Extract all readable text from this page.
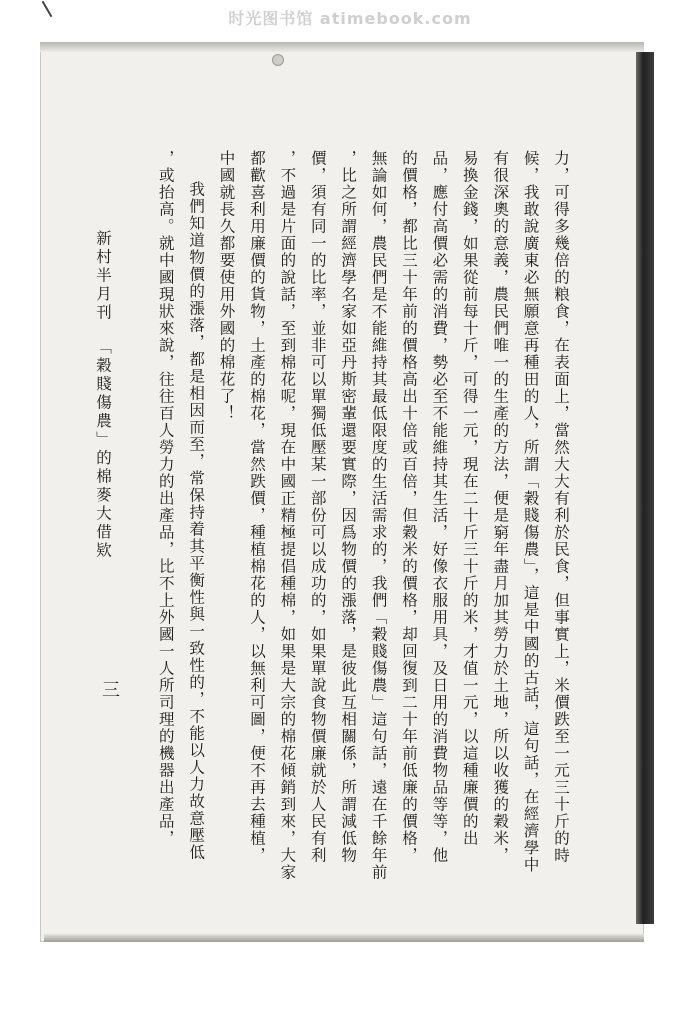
时光图书馆 atimebook.com
力，可得多幾倍的粮食，在表面上，當然大大有利於民食，但事實上，米價跌至一元三十斤的時
候，我敢說廣東必無願意再種田的人，所謂「穀賤傷農」，這是中國的古話，這句話，在經濟學中
有很深奧的意義，農民們唯一的生產的方法，便是窮年盡月加其勞力於土地，所以收獲的穀米，
易換金錢，如果從前每十斤，可得一元，現在二十斤三十斤的米，才值一元，以這種廉價的出
品，應付高價必需的消費，勢必至不能維持其生活，好像衣服用具，及日用的消費物品等等，他
的價格，都比三十年前的價格高出十倍或百倍，但穀米的價格，却回復到二十年前低廉的價格，
無論如何，農民們是不能維持其最低限度的生活需求的，我們「穀賤傷農」這句話，遠在千餘年前
，比之所謂經濟學名家如亞丹斯密輩還要實際，因爲物價的漲落，是彼此互相關係，所謂減低物
價，須有同一的比率，並非可以單獨低壓某一部份可以成功的，如果單說食物價廉就於人民有利
，不過是片面的說話，至到棉花呢，現在中國正精極提倡種棉，如果是大宗的棉花傾銷到來，大家
都歡喜利用廉價的貨物，土產的棉花，當然跌價，種植棉花的人，以無利可圖，便不再去種植，
中國就長久都要使用外國的棉花了！
我們知道物價的漲落，都是相因而至，常保持着其平衡性與一致性的，不能以人力故意壓低
，或抬高。就中國現狀來說，往往百人勞力的出產品，比不上外國一人所司理的機器出產品，
新村半月刊「穀賤傷農」的棉麥大借欵
三
